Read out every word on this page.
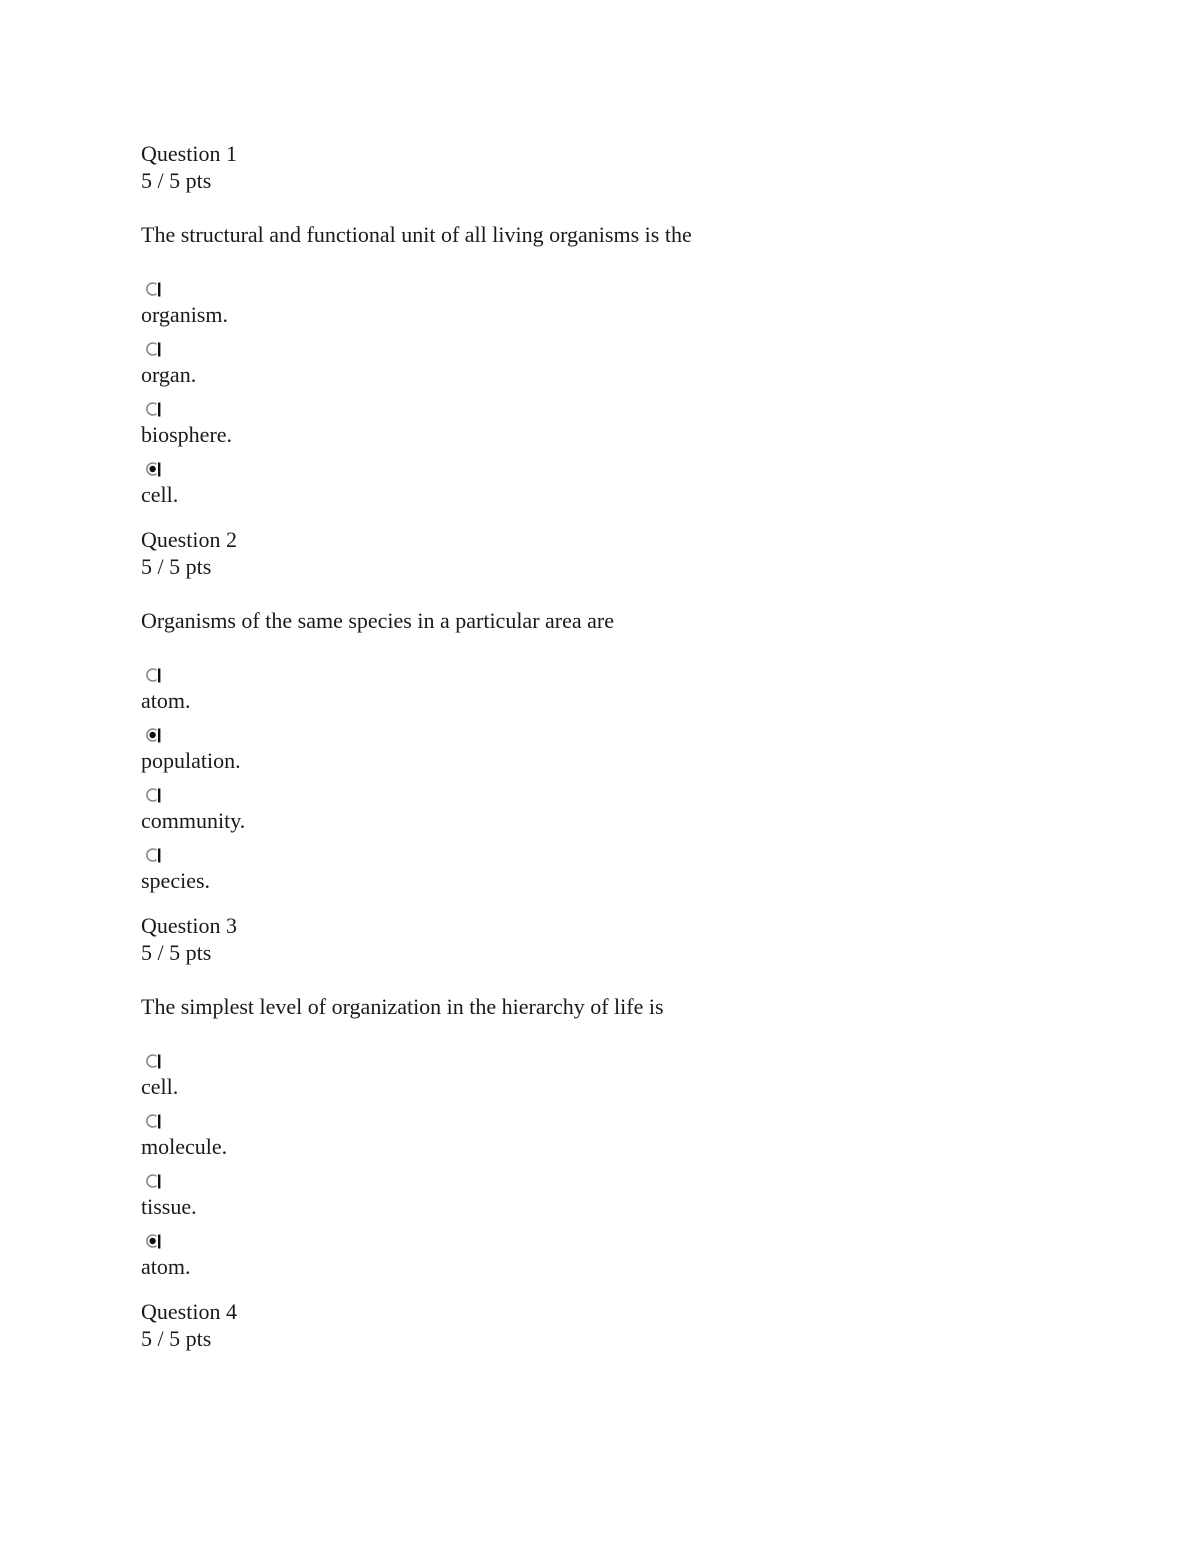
Question 1
5 / 5 pts
The structural and functional unit of all living organisms is the
organism.
organ.
biosphere.
cell.
Question 2
5 / 5 pts
Organisms of the same species in a particular area are
atom.
population.
community.
species.
Question 3
5 / 5 pts
The simplest level of organization in the hierarchy of life is
cell.
molecule.
tissue.
atom.
Question 4
5 / 5 pts
